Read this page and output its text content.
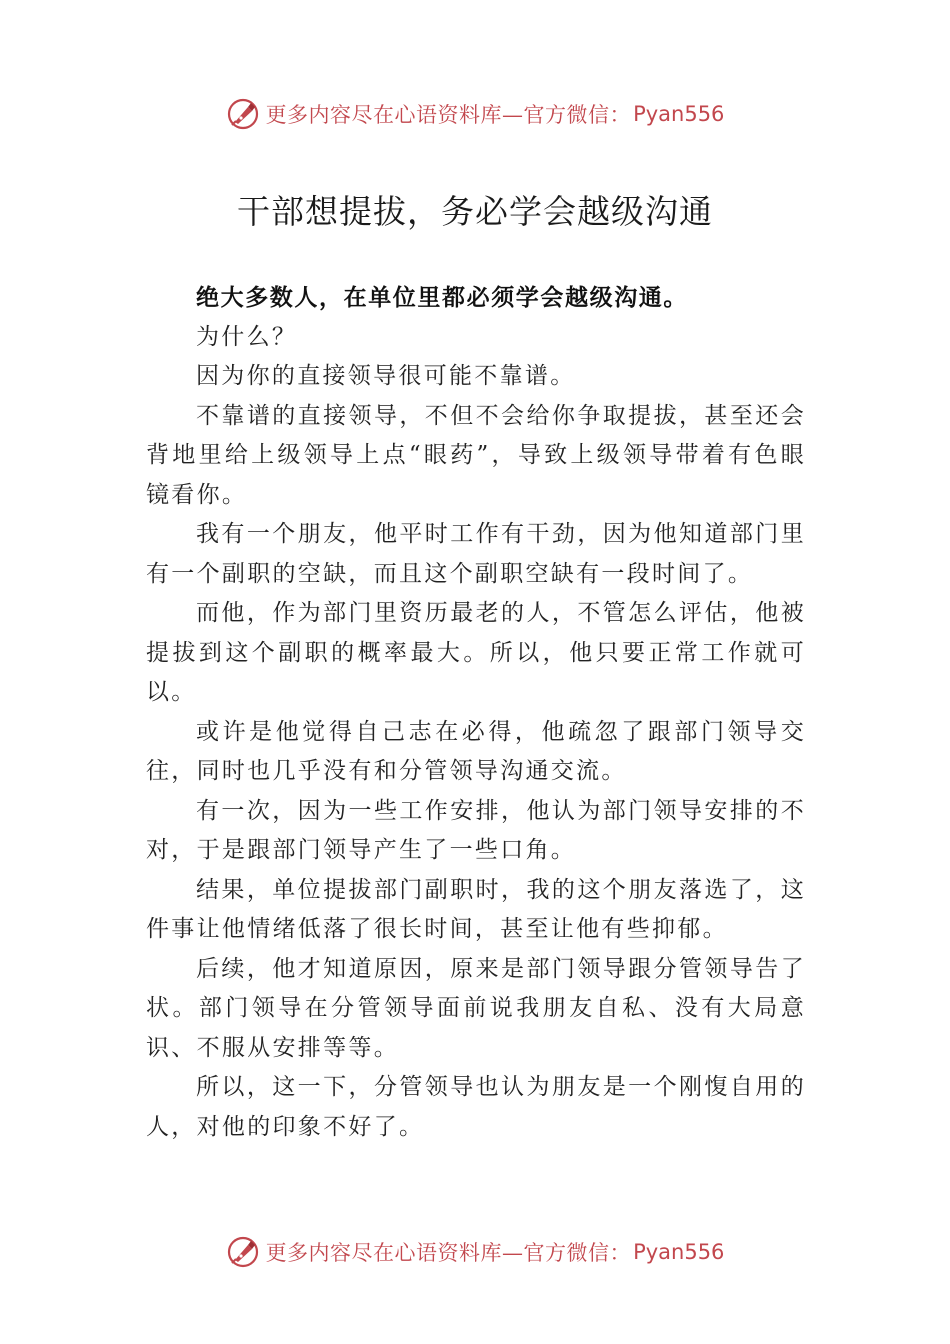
更多内容尽在心语资料库—官方微信： Pyan556
干部想提拔，务必学会越级沟通

绝大多数人，在单位里都必须学会越级沟通。

为什么？

因为你的直接领导很可能不靠谱。

不靠谱的直接领导，不但不会给你争取提拔，甚至还会背地里给上级领导上点“眼药”，导致上级领导带着有色眼镜看你。

我有一个朋友，他平时工作有干劲，因为他知道部门里有一个副职的空缺，而且这个副职空缺有一段时间了。

而他，作为部门里资历最老的人，不管怎么评估，他被提拔到这个副职的概率最大。所以，他只要正常工作就可以。

或许是他觉得自己志在必得，他疏忽了跟部门领导交往，同时也几乎没有和分管领导沟通交流。

有一次，因为一些工作安排，他认为部门领导安排的不对，于是跟部门领导产生了一些口角。

结果，单位提拔部门副职时，我的这个朋友落选了，这件事让他情绪低落了很长时间，甚至让他有些抑郁。

后续，他才知道原因，原来是部门领导跟分管领导告了状。部门领导在分管领导面前说我朋友自私、没有大局意识、不服从安排等等。

所以，这一下，分管领导也认为朋友是一个刚愎自用的人，对他的印象不好了。

更多内容尽在心语资料库—官方微信： Pyan556
